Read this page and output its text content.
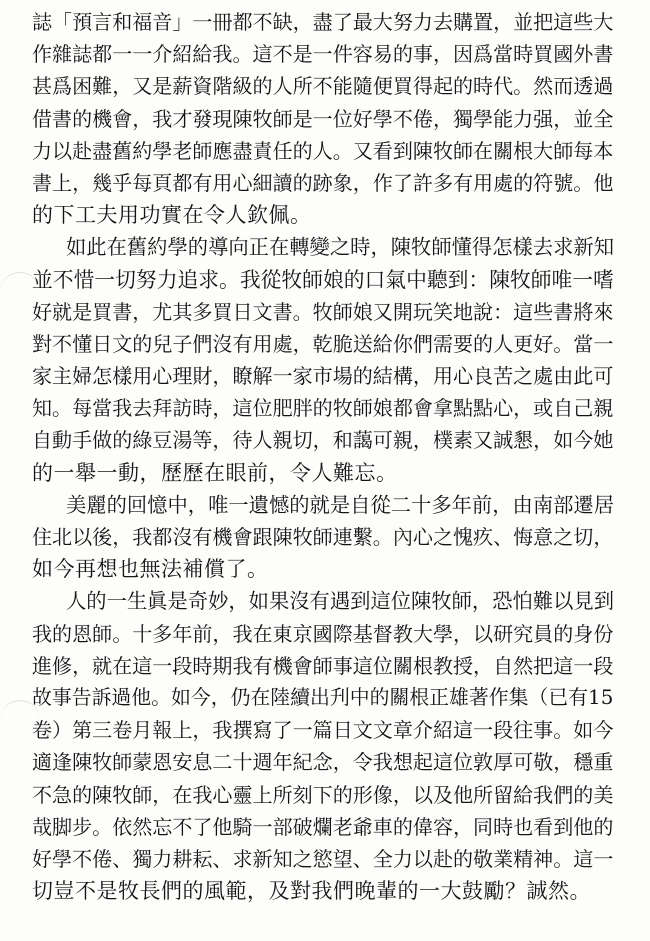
誌「預言和福音」一冊都不缺，盡了最大努力去購置，並把這些大
作雜誌都一一介紹給我。這不是一件容易的事，因爲當時買國外書
甚爲困難，又是薪資階級的人所不能隨便買得起的時代。然而透過
借書的機會，我才發現陳牧師是一位好學不倦，獨學能力强，並全
力以赴盡舊約學老師應盡責任的人。又看到陳牧師在關根大師每本
書上，幾乎每頁都有用心細讀的跡象，作了許多有用處的符號。他
的下工夫用功實在令人欽佩。
如此在舊約學的導向正在轉變之時，陳牧師懂得怎樣去求新知
並不惜一切努力追求。我從牧師娘的口氣中聽到：陳牧師唯一嗜
好就是買書，尤其多買日文書。牧師娘又開玩笑地說：這些書將來
對不懂日文的兒子們沒有用處，乾脆送給你們需要的人更好。當一
家主婦怎樣用心理財，瞭解一家市場的結構，用心良苦之處由此可
知。每當我去拜訪時，這位肥胖的牧師娘都會拿點點心，或自己親
自動手做的綠豆湯等，待人親切，和藹可親，樸素又誠懇，如今她
的一舉一動，歷歷在眼前，令人難忘。
美麗的回憶中，唯一遺憾的就是自從二十多年前，由南部遷居
住北以後，我都沒有機會跟陳牧師連繫。內心之愧疚、悔意之切，
如今再想也無法補償了。
人的一生眞是奇妙，如果沒有遇到這位陳牧師，恐怕難以見到
我的恩師。十多年前，我在東京國際基督教大學，以研究員的身份
進修，就在這一段時期我有機會師事這位關根教授，自然把這一段
故事告訴過他。如今，仍在陸續出刋中的關根正雄著作集（已有15
卷）第三卷月報上，我撰寫了一篇日文文章介紹這一段往事。如今
適逢陳牧師蒙恩安息二十週年紀念，令我想起這位敦厚可敬，穩重
不急的陳牧師，在我心靈上所刻下的形像，以及他所留給我們的美
哉脚步。依然忘不了他騎一部破爛老爺車的偉容，同時也看到他的
好學不倦、獨力耕耘、求新知之慾望、全力以赴的敬業精神。這一
切豈不是牧長們的風範，及對我們晚輩的一大鼓勵？誠然。
